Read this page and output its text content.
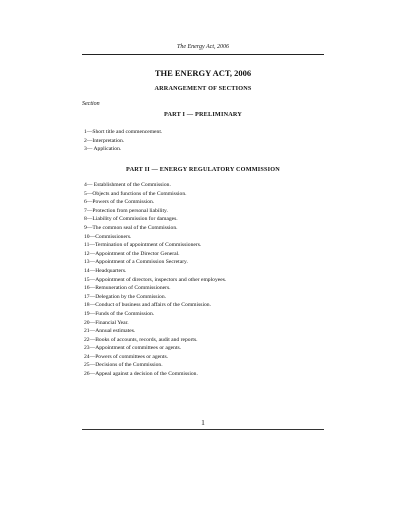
The Energy Act, 2006
THE ENERGY ACT, 2006
ARRANGEMENT OF SECTIONS
Section
PART I — PRELIMINARY
1—Short title and commencement.
2—Interpretation.
3— Application.
PART II — ENERGY REGULATORY COMMISSION
4— Establishment of the Commission.
5—Objects and functions of the Commission.
6—Powers of the Commission.
7—Protection from personal liability.
8—Liability of Commission for damages.
9—The common seal of the Commission.
10—Commissioners.
11—Termination of appointment of Commissioners.
12—Appointment of the Director General.
13—Appointment of a Commission Secretary.
14—Headquarters.
15—Appointment of directors, inspectors and other employees.
16—Remuneration of Commissioners.
17—Delegation by the Commission.
18—Conduct of business and affairs of the Commission.
19—Funds of the Commission.
20—Financial Year.
21—Annual estimates.
22—Books of accounts, records, audit and reports.
23—Appointment of committees or agents.
24—Powers of committees or agents.
25—Decisions of the Commission.
26—Appeal against a decision of the Commission.
1
